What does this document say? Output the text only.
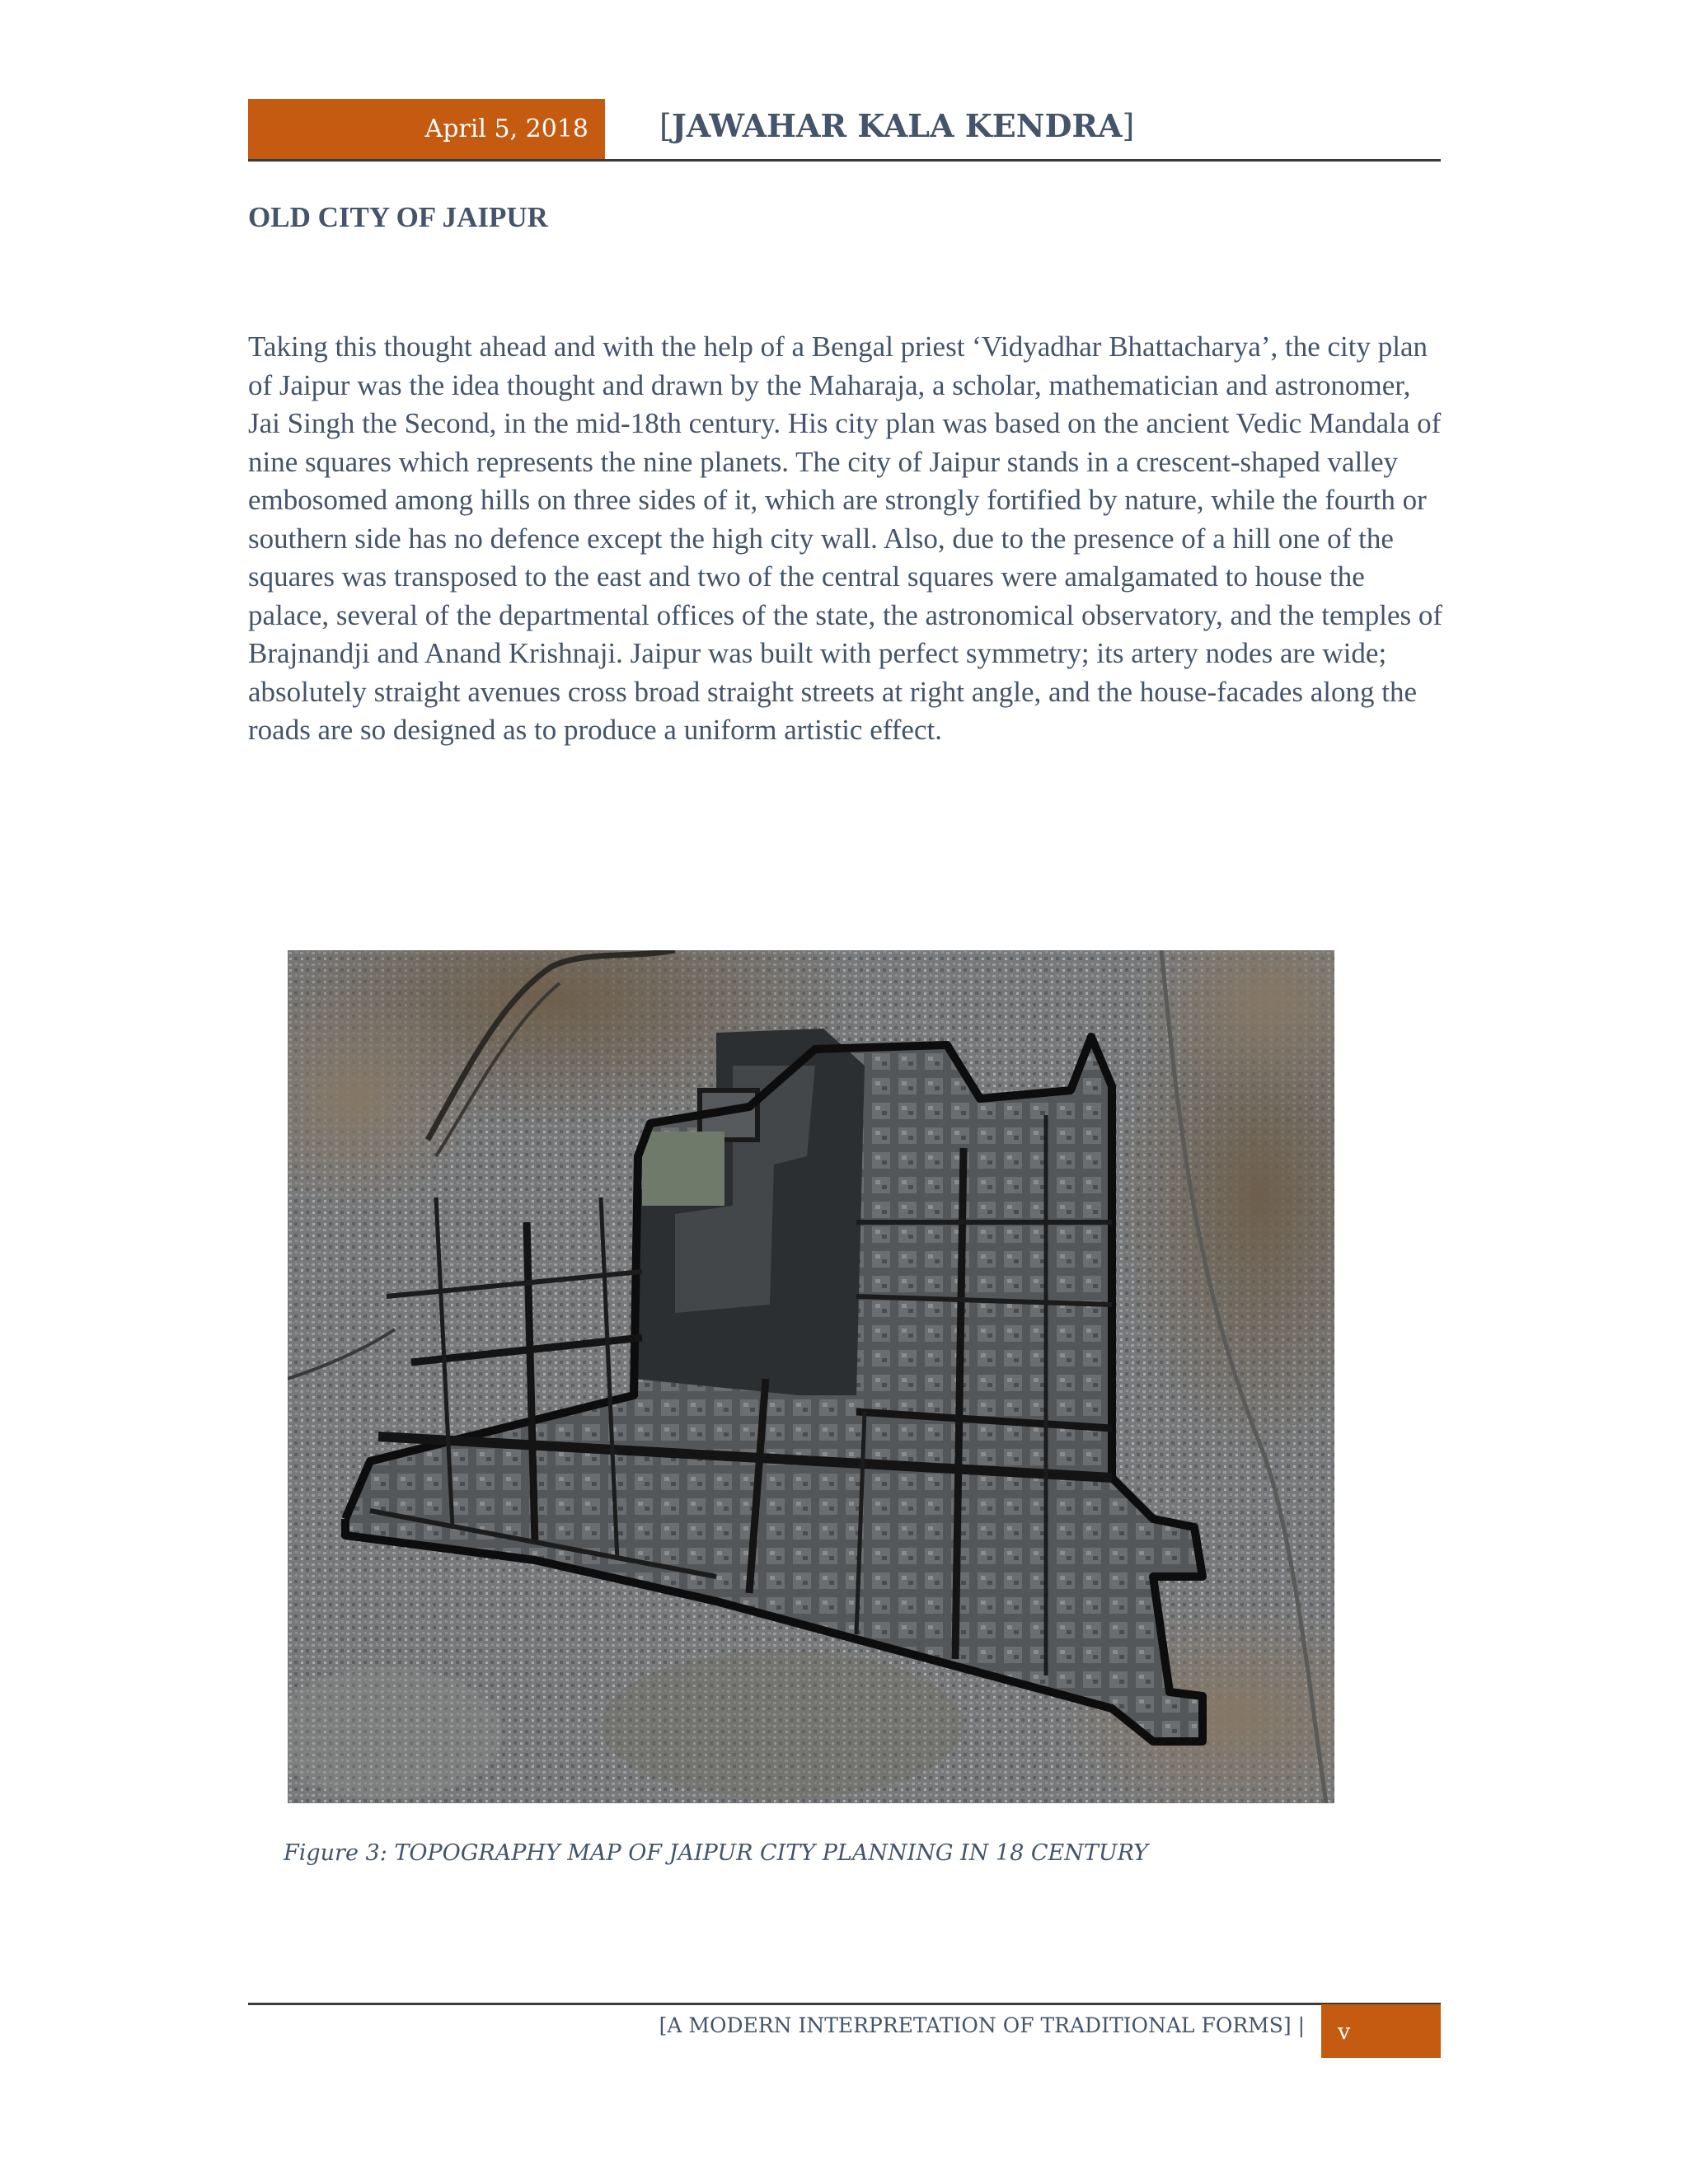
April 5, 2018 [JAWAHAR KALA KENDRA]
OLD CITY OF JAIPUR

Taking this thought ahead and with the help of a Bengal priest ‘Vidyadhar Bhattacharya’, the city plan of Jaipur was the idea thought and drawn by the Maharaja, a scholar, mathematician and astronomer, Jai Singh the Second, in the mid-18th century. His city plan was based on the ancient Vedic Mandala of nine squares which represents the nine planets. The city of Jaipur stands in a crescent-shaped valley embosomed among hills on three sides of it, which are strongly fortified by nature, while the fourth or southern side has no defence except the high city wall. Also, due to the presence of a hill one of the squares was transposed to the east and two of the central squares were amalgamated to house the palace, several of the departmental offices of the state, the astronomical observatory, and the temples of Brajnandji and Anand Krishnaji. Jaipur was built with perfect symmetry; its artery nodes are wide; absolutely straight avenues cross broad straight streets at right angle, and the house-facades along the roads are so designed as to produce a uniform artistic effect.

Figure 3: TOPOGRAPHY MAP OF JAIPUR CITY PLANNING IN 18 CENTURY
[A MODERN INTERPRETATION OF TRADITIONAL FORMS] | v
